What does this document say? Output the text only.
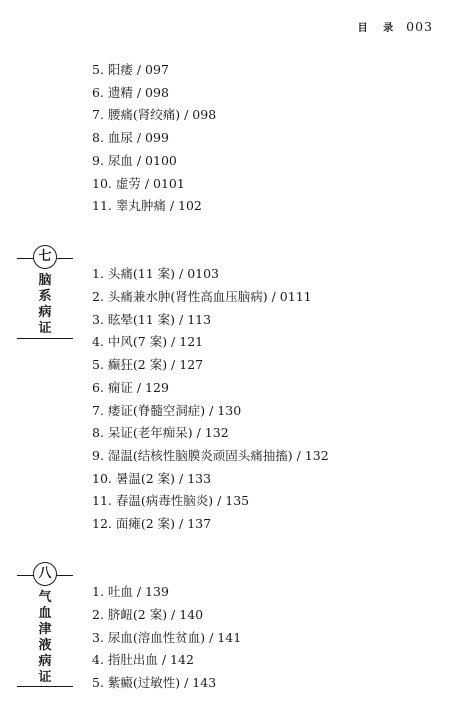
目 录 003
5. 阳痿 / 097
6. 遗精 / 098
7. 腰痛(肾绞痛) / 098
8. 血尿 / 099
9. 尿血 / 0100
10. 虚劳 / 0101
11. 睾丸肿痛 / 102
七
脑
系
病
证
1. 头痛(11 案) / 0103
2. 头痛兼水肿(肾性高血压脑病) / 0111
3. 眩晕(11 案) / 113
4. 中风(7 案) / 121
5. 癫狂(2 案) / 127
6. 痫证 / 129
7. 痿证(脊髓空洞症) / 130
8. 呆证(老年痴呆) / 132
9. 湿温(结核性脑膜炎顽固头痛抽搐) / 132
10. 暑温(2 案) / 133
11. 春温(病毒性脑炎) / 135
12. 面瘫(2 案) / 137
八
气
血
津
液
病
证
1. 吐血 / 139
2. 脐衄(2 案) / 140
3. 尿血(溶血性贫血) / 141
4. 指肚出血 / 142
5. 紫癜(过敏性) / 143
